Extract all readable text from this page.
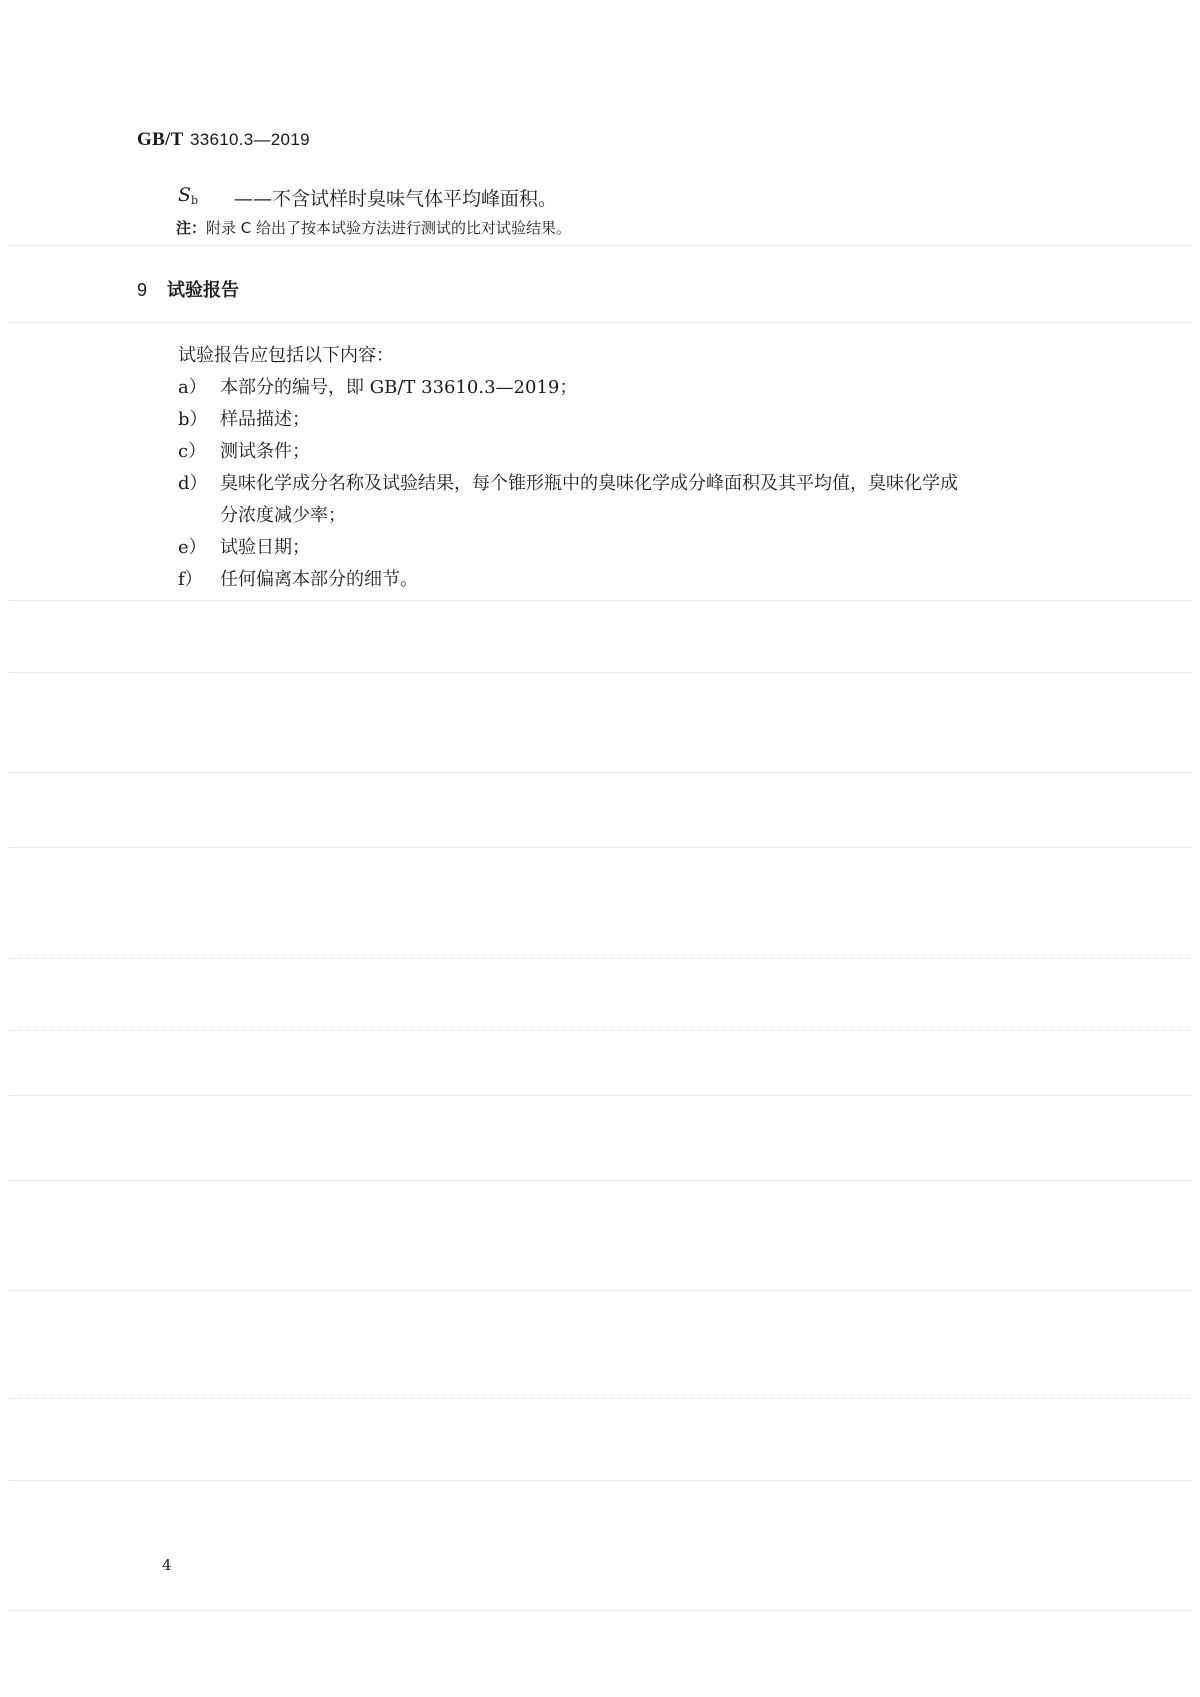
GB/T 33610.3—2019
$S_b$ ——不含试样时臭味气体平均峰面积。
注：附录 C 给出了按本试验方法进行测试的比对试验结果。
9 试验报告
试验报告应包括以下内容：
a） 本部分的编号，即 GB/T 33610.3—2019；
b） 样品描述；
c） 测试条件；
d） 臭味化学成分名称及试验结果，每个锥形瓶中的臭味化学成分峰面积及其平均值，臭味化学成
分浓度减少率；
e） 试验日期；
f） 任何偏离本部分的细节。
4
